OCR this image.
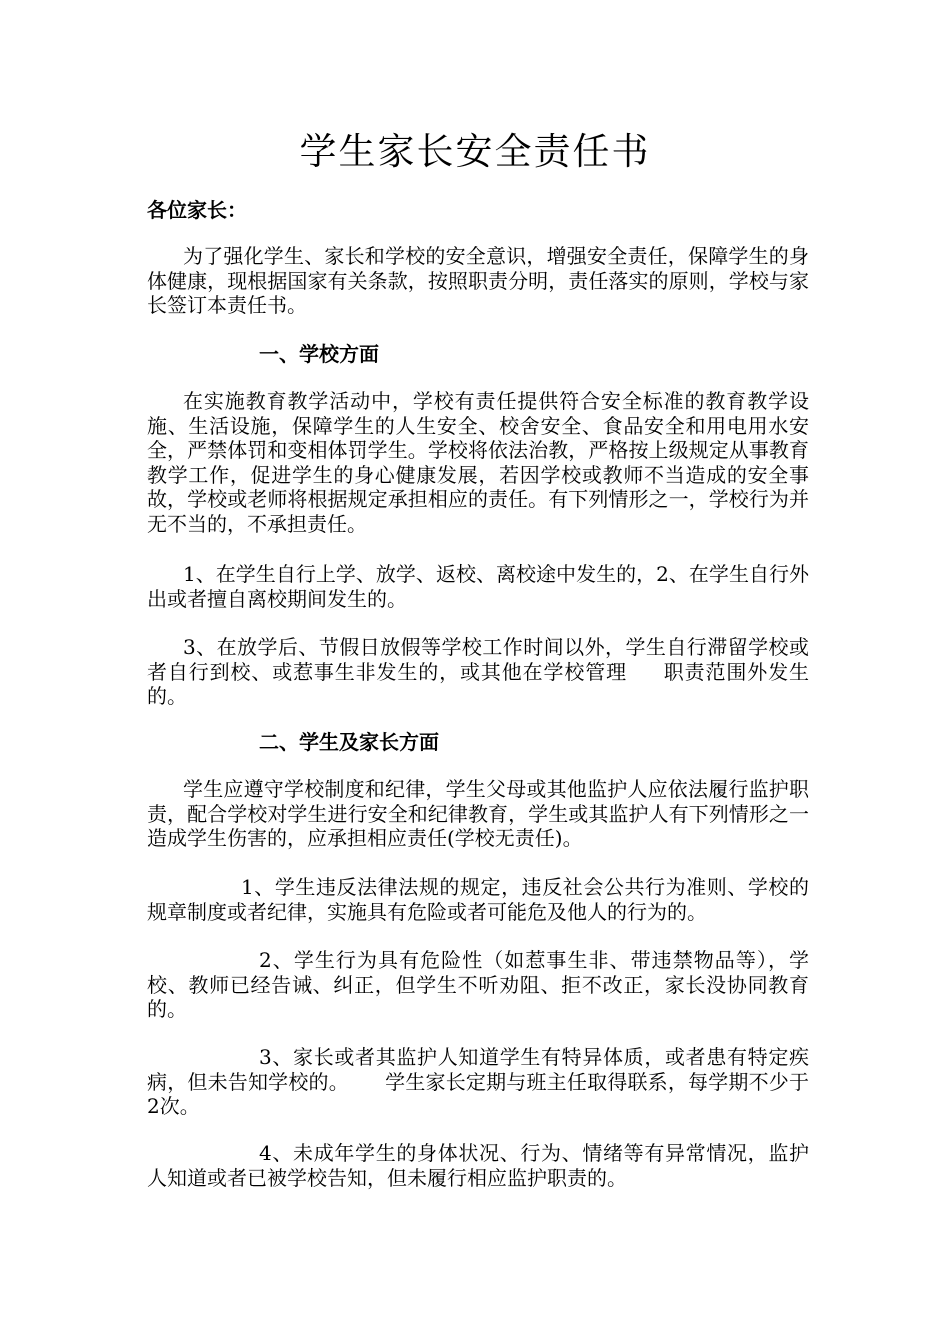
学生家长安全责任书

各位家长：

为了强化学生、家长和学校的安全意识，增强安全责任，保障学生的身体健康，现根据国家有关条款，按照职责分明，责任落实的原则，学校与家长签订本责任书。

一、学校方面

在实施教育教学活动中，学校有责任提供符合安全标准的教育教学设施、生活设施，保障学生的人生安全、校舍安全、食品安全和用电用水安全，严禁体罚和变相体罚学生。学校将依法治教，严格按上级规定从事教育教学工作，促进学生的身心健康发展，若因学校或教师不当造成的安全事故，学校或老师将根据规定承担相应的责任。有下列情形之一，学校行为并无不当的，不承担责任。

1、在学生自行上学、放学、返校、离校途中发生的，2、在学生自行外出或者擅自离校期间发生的。

3、在放学后、节假日放假等学校工作时间以外，学生自行滞留学校或者自行到校、或惹事生非发生的，或其他在学校管理 职责范围外发生的。

二、学生及家长方面

学生应遵守学校制度和纪律，学生父母或其他监护人应依法履行监护职责，配合学校对学生进行安全和纪律教育，学生或其监护人有下列情形之一造成学生伤害的，应承担相应责任(学校无责任)。

1、学生违反法律法规的规定，违反社会公共行为准则、学校的规章制度或者纪律，实施具有危险或者可能危及他人的行为的。

2、学生行为具有危险性（如惹事生非、带违禁物品等），学校、教师已经告诫、纠正，但学生不听劝阻、拒不改正，家长没协同教育的。

3、家长或者其监护人知道学生有特异体质，或者患有特定疾病，但未告知学校的。 学生家长定期与班主任取得联系，每学期不少于2次。

4、未成年学生的身体状况、行为、情绪等有异常情况，监护人知道或者已被学校告知，但未履行相应监护职责的。
